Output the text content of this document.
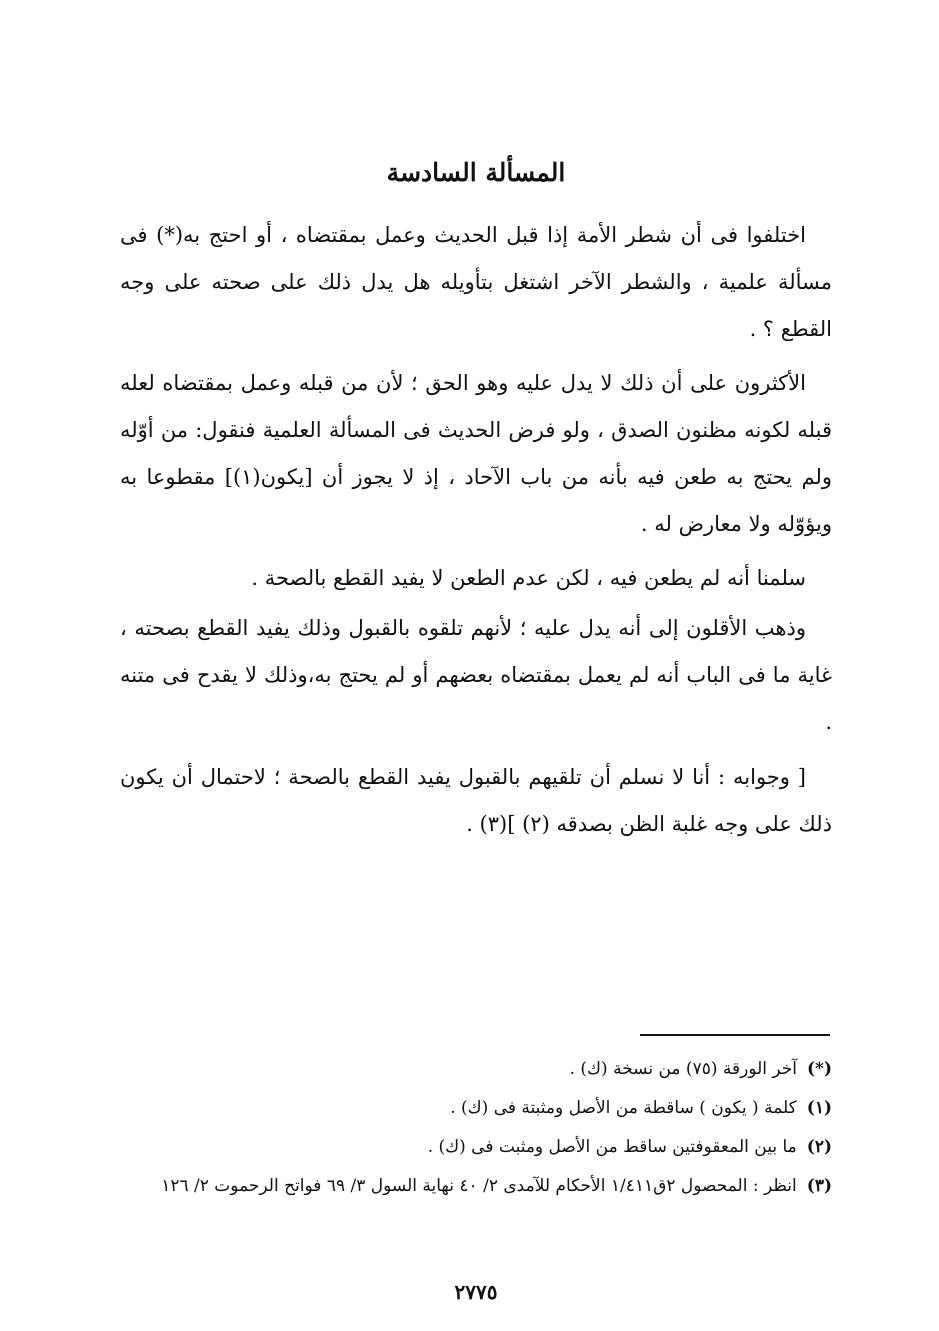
المسألة السادسة

اختلفوا فى أن شطر الأمة إذا قبل الحديث وعمل بمقتضاه ، أو احتج به(*) فى مسألة علمية ، والشطر الآخر اشتغل بتأويله هل يدل ذلك على صحته على وجه القطع ؟ .

الأكثرون على أن ذلك لا يدل عليه وهو الحق ؛ لأن من قبله وعمل بمقتضاه لعله قبله لكونه مظنون الصدق ، ولو فرض الحديث فى المسألة العلمية فنقول: من أوّله ولم يحتج به طعن فيه بأنه من باب الآحاد ، إذ لا يجوز أن [يكون(١)] مقطوعا به ويؤوّله ولا معارض له .

سلمنا أنه لم يطعن فيه ، لكن عدم الطعن لا يفيد القطع بالصحة .

وذهب الأقلون إلى أنه يدل عليه ؛ لأنهم تلقوه بالقبول وذلك يفيد القطع بصحته ، غاية ما فى الباب أنه لم يعمل بمقتضاه بعضهم أو لم يحتج به،وذلك لا يقدح فى متنه .

[ وجوابه : أنا لا نسلم أن تلقيهم بالقبول يفيد القطع بالصحة ؛ لاحتمال أن يكون ذلك على وجه غلبة الظن بصدقه (٢) ](٣) .

(*)آخر الورقة (٧٥) من نسخة (ك) .
(١)كلمة ( يكون ) ساقطة من الأصل ومثبتة فى (ك) .
(٢)ما بين المعقوفتين ساقط من الأصل ومثبت فى (ك) .
(٣)انظر : المحصول ٢ق١/٤١١ الأحكام للآمدى ٢/ ٤٠ نهاية السول ٣/ ٦٩ فواتح الرحموت ٢/ ١٢٦
٢٧٧٥
